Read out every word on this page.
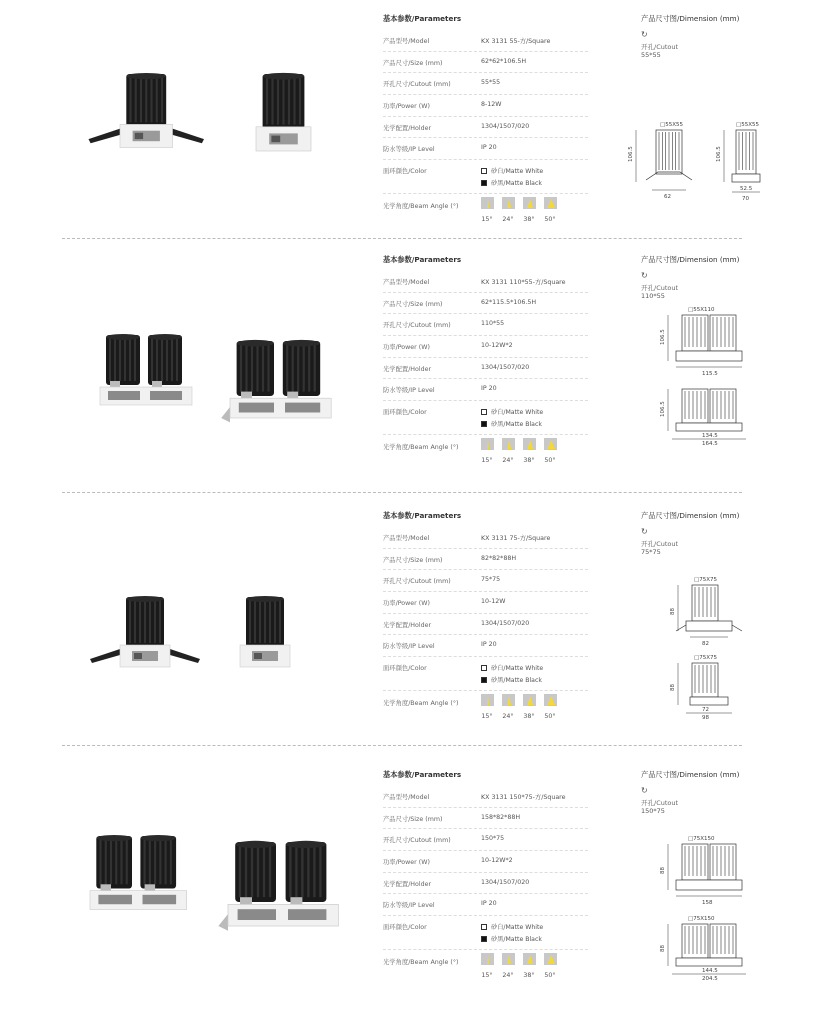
基本参数/Parameters
产品型号/Model	KX 3131 55-方/Square
产品尺寸/Size (mm)	62*62*106.5H
开孔尺寸/Cutout (mm)	55*55
功率/Power (W)	8-12W
光学配置/Holder	1304/1507/020
防水等级/IP Level	IP 20
面环颜色/Color	砂白/Matte White
砂黑/Matte Black
光学角度/Beam Angle (°)
15°	24°	38°	50°
产品尺寸图/Dimension (mm)
↻
开孔/Cutout
55*55
□55X55
106.5
62
□55X55
106.5
52.5
70
基本参数/Parameters
产品型号/Model	KX 3131 110*55-方/Square
产品尺寸/Size (mm)	62*115.5*106.5H
开孔尺寸/Cutout (mm)	110*55
功率/Power (W)	10-12W*2
光学配置/Holder	1304/1507/020
防水等级/IP Level	IP 20
面环颜色/Color	砂白/Matte White
砂黑/Matte Black
光学角度/Beam Angle (°)
15°	24°	38°	50°
产品尺寸图/Dimension (mm)
↻
开孔/Cutout
110*55
□55X110
106.5
115.5
106.5
134.5
164.5
基本参数/Parameters
产品型号/Model	KX 3131 75-方/Square
产品尺寸/Size (mm)	82*82*88H
开孔尺寸/Cutout (mm)	75*75
功率/Power (W)	10-12W
光学配置/Holder	1304/1507/020
防水等级/IP Level	IP 20
面环颜色/Color	砂白/Matte White
砂黑/Matte Black
光学角度/Beam Angle (°)
15°	24°	38°	50°
产品尺寸图/Dimension (mm)
↻
开孔/Cutout
75*75
□75X75
88
82
□75X75
88
72
98
基本参数/Parameters
产品型号/Model	KX 3131 150*75-方/Square
产品尺寸/Size (mm)	158*82*88H
开孔尺寸/Cutout (mm)	150*75
功率/Power (W)	10-12W*2
光学配置/Holder	1304/1507/020
防水等级/IP Level	IP 20
面环颜色/Color	砂白/Matte White
砂黑/Matte Black
光学角度/Beam Angle (°)
15°	24°	38°	50°
产品尺寸图/Dimension (mm)
↻
开孔/Cutout
150*75
□75X150
88
158
□75X150
88
144.5
204.5
